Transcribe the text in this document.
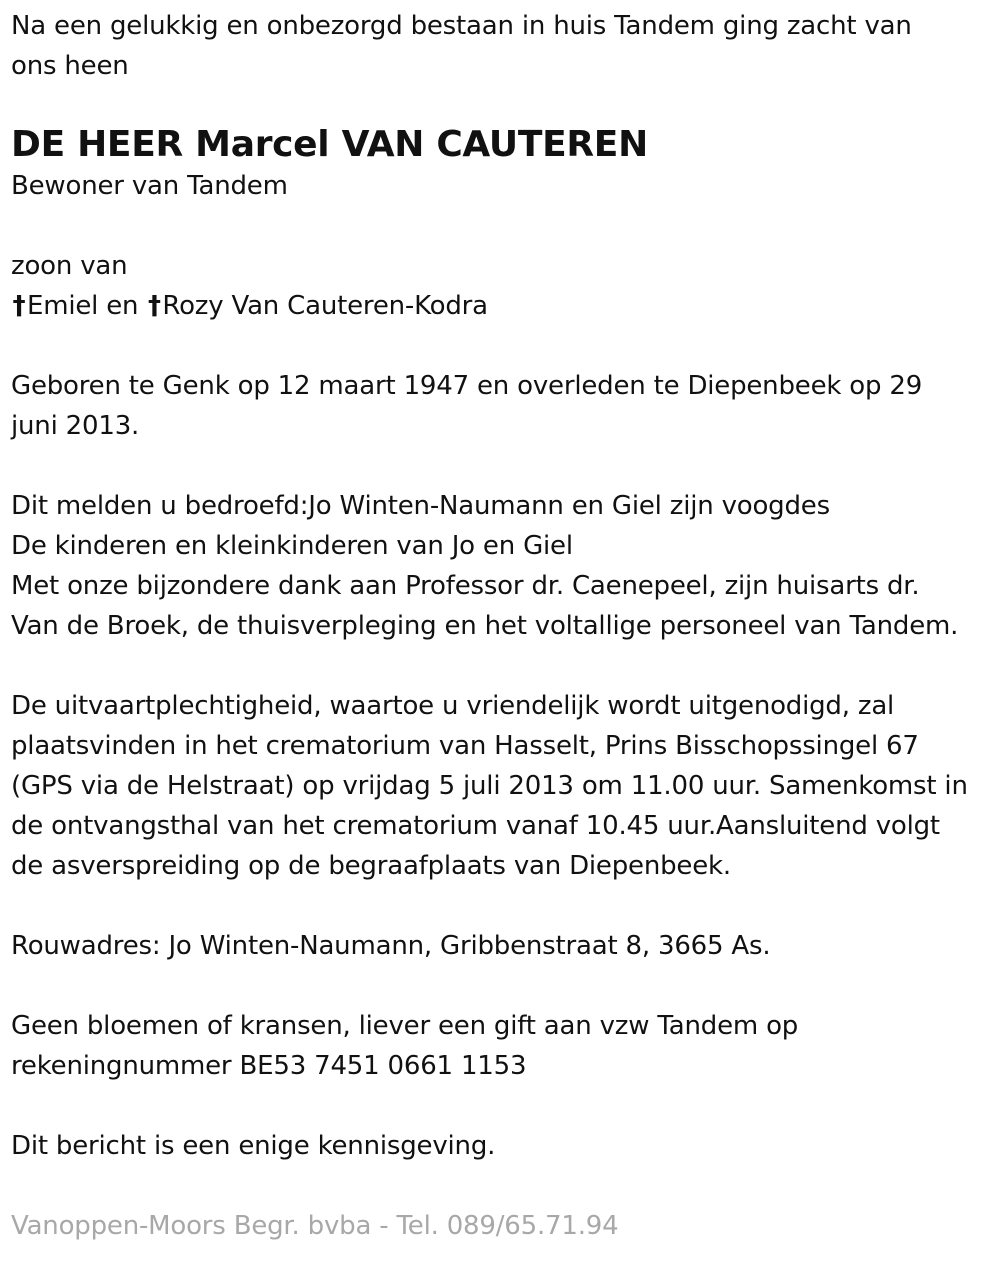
Na een gelukkig en onbezorgd bestaan in huis Tandem ging zacht van
ons heen
DE HEER Marcel VAN CAUTEREN
Bewoner van Tandem
zoon van
†Emiel en †Rozy Van Cauteren-Kodra
Geboren te Genk op 12 maart 1947 en overleden te Diepenbeek op 29
juni 2013.
Dit melden u bedroefd:Jo Winten-Naumann en Giel zijn voogdes
De kinderen en kleinkinderen van Jo en Giel
Met onze bijzondere dank aan Professor dr. Caenepeel, zijn huisarts dr.
Van de Broek, de thuisverpleging en het voltallige personeel van Tandem.
De uitvaartplechtigheid, waartoe u vriendelijk wordt uitgenodigd, zal
plaatsvinden in het crematorium van Hasselt, Prins Bisschopssingel 67
(GPS via de Helstraat) op vrijdag 5 juli 2013 om 11.00 uur. Samenkomst in
de ontvangsthal van het crematorium vanaf 10.45 uur.Aansluitend volgt
de asverspreiding op de begraafplaats van Diepenbeek.
Rouwadres: Jo Winten-Naumann, Gribbenstraat 8, 3665 As.
Geen bloemen of kransen, liever een gift aan vzw Tandem op
rekeningnummer BE53 7451 0661 1153
Dit bericht is een enige kennisgeving.
Vanoppen-Moors Begr. bvba - Tel. 089/65.71.94
